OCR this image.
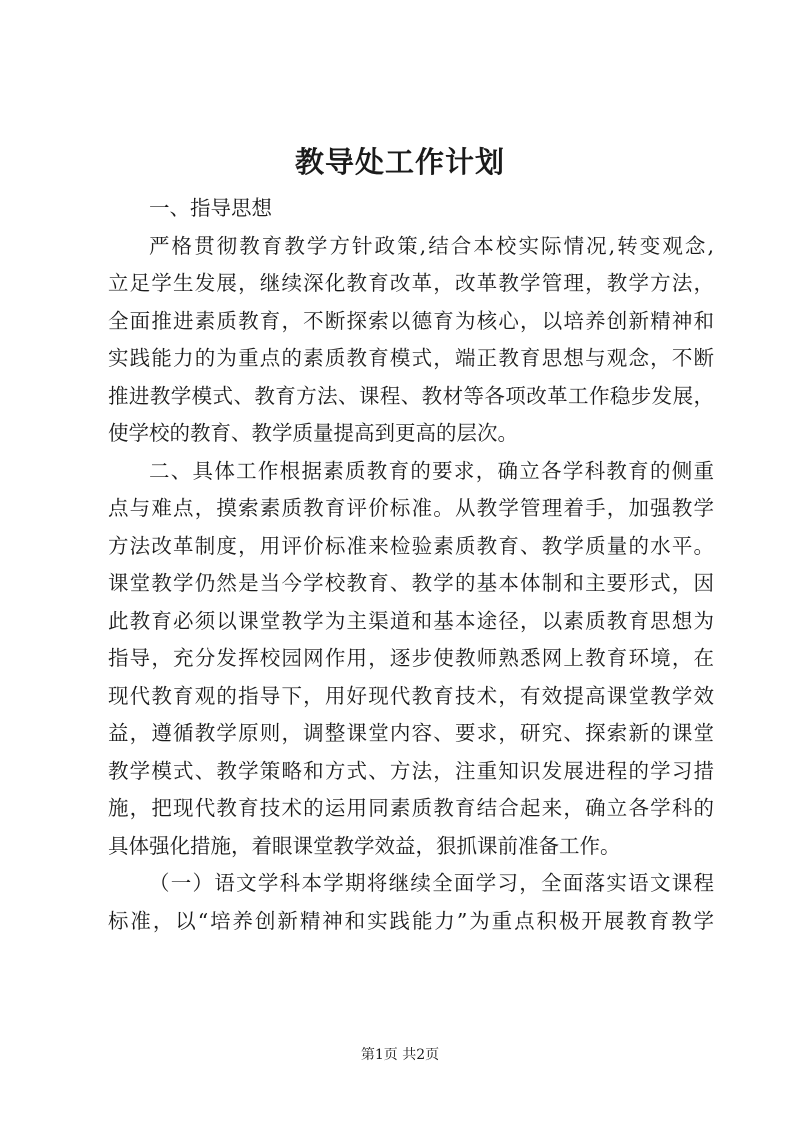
教导处工作计划
一、指导思想
严格贯彻教育教学方针政策,结合本校实际情况,转变观念,
立足学生发展，继续深化教育改革，改革教学管理，教学方法，
全面推进素质教育，不断探索以德育为核心，以培养创新精神和
实践能力的为重点的素质教育模式，端正教育思想与观念，不断
推进教学模式、教育方法、课程、教材等各项改革工作稳步发展，
使学校的教育、教学质量提高到更高的层次。
二、具体工作根据素质教育的要求，确立各学科教育的侧重
点与难点，摸索素质教育评价标准。从教学管理着手，加强教学
方法改革制度，用评价标准来检验素质教育、教学质量的水平。
课堂教学仍然是当今学校教育、教学的基本体制和主要形式，因
此教育必须以课堂教学为主渠道和基本途径，以素质教育思想为
指导，充分发挥校园网作用，逐步使教师熟悉网上教育环境，在
现代教育观的指导下，用好现代教育技术，有效提高课堂教学效
益，遵循教学原则，调整课堂内容、要求，研究、探索新的课堂
教学模式、教学策略和方式、方法，注重知识发展进程的学习措
施，把现代教育技术的运用同素质教育结合起来，确立各学科的
具体强化措施，着眼课堂教学效益，狠抓课前准备工作。
（一）语文学科本学期将继续全面学习，全面落实语文课程
标准，以“培养创新精神和实践能力”为重点积极开展教育教学
第1页 共2页
